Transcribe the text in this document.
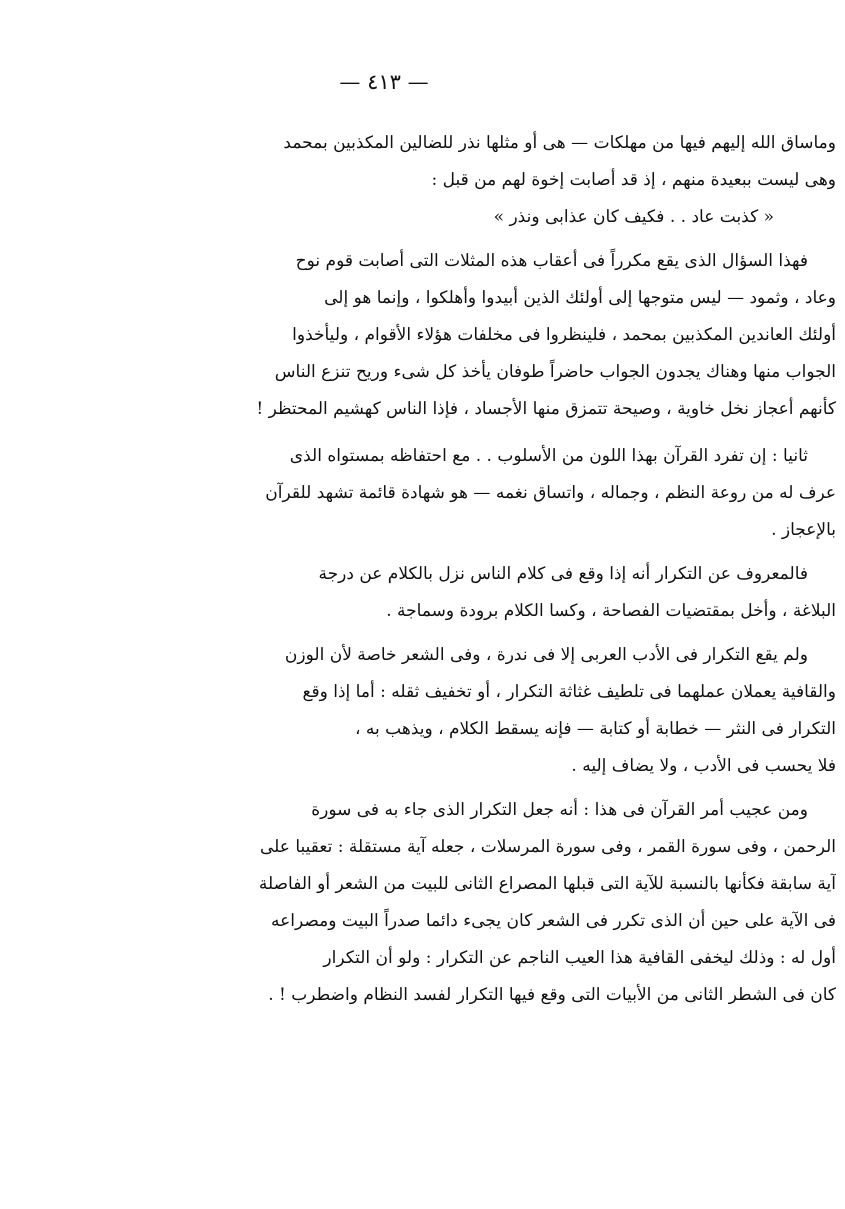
— ٤١٣ —
وماساق الله إليهم فيها من مهلكات — هى أو مثلها نذر للضالين المكذبين بمحمد
وهى ليست ببعيدة منهم ، إذ قد أصابت إخوة لهم من قبل :
« كذبت عاد . . فكيف كان عذابى ونذر »
فهذا السؤال الذى يقع مكرراً فى أعقاب هذه المثلات التى أصابت قوم نوح
وعاد ، وثمود — ليس متوجها إلى أولئك الذين أبيدوا وأهلكوا ، وإنما هو إلى
أولئك العاندين المكذبين بمحمد ، فلينظروا فى مخلفات هؤلاء الأقوام ، وليأخذوا
الجواب منها وهناك يجدون الجواب حاضراً طوفان يأخذ كل شىء وريح تنزع الناس
كأنهم أعجاز نخل خاوية ، وصيحة تتمزق منها الأجساد ، فإذا الناس كهشيم المحتظر !
ثانيا : إن تفرد القرآن بهذا اللون من الأسلوب . . مع احتفاظه بمستواه الذى
عرف له من روعة النظم ، وجماله ، واتساق نغمه — هو شهادة قائمة تشهد للقرآن
بالإعجاز .
فالمعروف عن التكرار أنه إذا وقع فى كلام الناس نزل بالكلام عن درجة
البلاغة ، وأخل بمقتضيات الفصاحة ، وكسا الكلام برودة وسماجة .
ولم يقع التكرار فى الأدب العربى إلا فى ندرة ، وفى الشعر خاصة لأن الوزن
والقافية يعملان عملهما فى تلطيف غثاثة التكرار ، أو تخفيف ثقله : أما إذا وقع
التكرار فى النثر — خطابة أو كتابة — فإنه يسقط الكلام ، ويذهب به ،
فلا يحسب فى الأدب ، ولا يضاف إليه .
ومن عجيب أمر القرآن فى هذا : أنه جعل التكرار الذى جاء به فى سورة
الرحمن ، وفى سورة القمر ، وفى سورة المرسلات ، جعله آية مستقلة : تعقيبا على
آية سابقة فكأنها بالنسبة للآية التى قبلها المصراع الثانى للبيت من الشعر أو الفاصلة
فى الآية على حين أن الذى تكرر فى الشعر كان يجىء دائما صدراً البيت ومصراعه
أول له : وذلك ليخفى القافية هذا العيب الناجم عن التكرار : ولو أن التكرار
كان فى الشطر الثانى من الأبيات التى وقع فيها التكرار لفسد النظام واضطرب ! .
